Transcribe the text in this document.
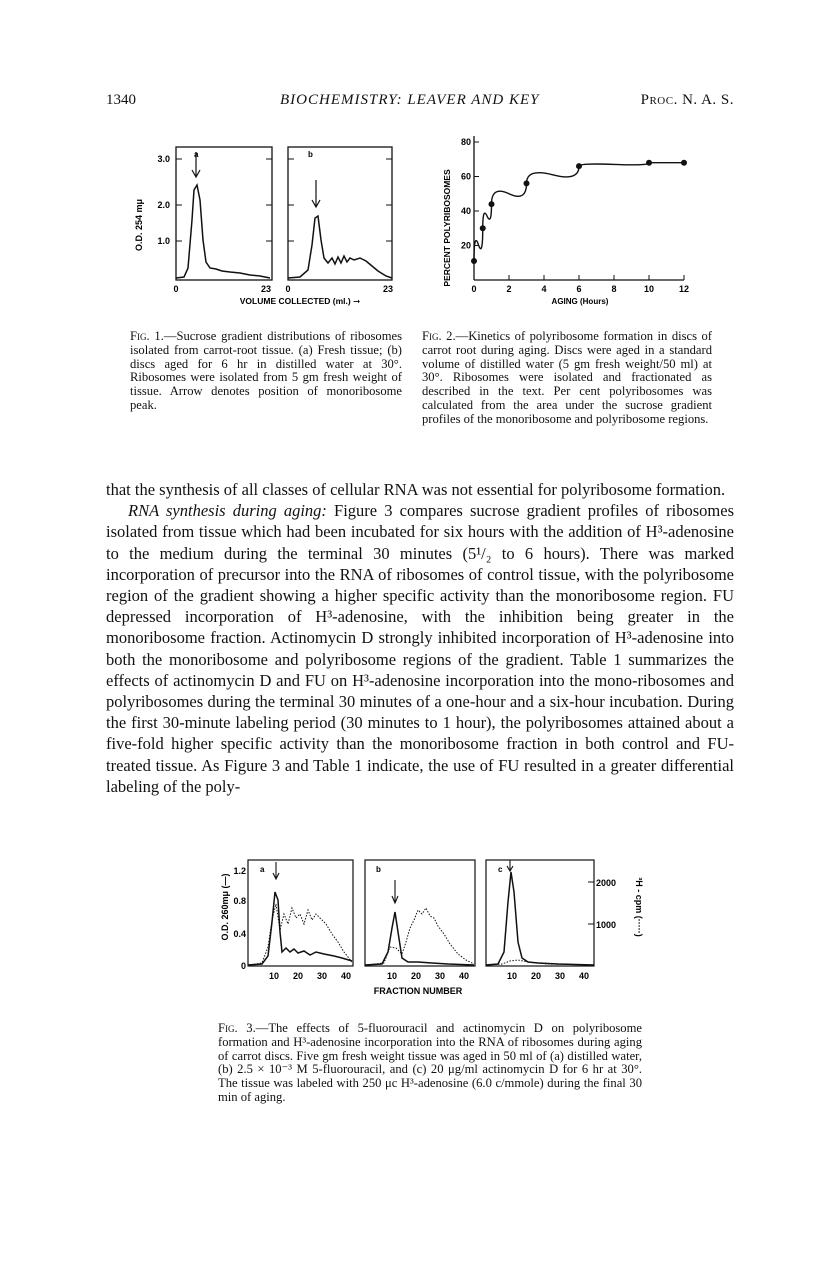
1340	BIOCHEMISTRY: LEAVER AND KEY	Proc. N. A. S.
O.D. 254 mμ
3.0
2.0
1.0
a
0	23
b
0	23
VOLUME COLLECTED (ml.) ➞
PERCENT POLYRIBOSOMES
80
60
40
20
0	2	4	6	8	10	12
AGING (Hours)
Fig. 1.—Sucrose gradient distributions of ribosomes isolated from carrot-root tissue. (a) Fresh tissue; (b) discs aged for 6 hr in distilled water at 30°. Ribosomes were isolated from 5 gm fresh weight of tissue. Arrow denotes position of monoribosome peak.
Fig. 2.—Kinetics of polyribosome formation in discs of carrot root during aging. Discs were aged in a standard volume of distilled water (5 gm fresh weight/50 ml) at 30°. Ribosomes were isolated and fractionated as described in the text. Per cent polyribosomes was calculated from the area under the sucrose gradient profiles of the monoribosome and polyribosome regions.

that the synthesis of all classes of cellular RNA was not essential for polyribosome formation.

RNA synthesis during aging: Figure 3 compares sucrose gradient profiles of ribosomes isolated from tissue which had been incubated for six hours with the addition of H³-adenosine to the medium during the terminal 30 minutes (5¹/₂ to 6 hours). There was marked incorporation of precursor into the RNA of ribosomes of control tissue, with the polyribosome region of the gradient showing a higher specific activity than the monoribosome region. FU depressed incorporation of H³-adenosine, with the inhibition being greater in the monoribosome fraction. Actinomycin D strongly inhibited incorporation of H³-adenosine into both the monoribosome and polyribosome regions of the gradient. Table 1 summarizes the effects of actinomycin D and FU on H³-adenosine incorporation into the mono-ribosomes and polyribosomes during the terminal 30 minutes of a one-hour and a six-hour incubation. During the first 30-minute labeling period (30 minutes to 1 hour), the polyribosomes attained about a five-fold higher specific activity than the monoribosome fraction in both control and FU-treated tissue. As Figure 3 and Table 1 indicate, the use of FU resulted in a greater differential labeling of the poly-

O.D. 260mμ (—)
1.2
0.8
0.4
0
a	b	c
2000
1000 ³H - cpm (·····)
10 20 30 40	10 20 30 40	10 20 30 40
FRACTION NUMBER
Fig. 3.—The effects of 5-fluorouracil and actinomycin D on polyribosome formation and H³-adenosine incorporation into the RNA of ribosomes during aging of carrot discs. Five gm fresh weight tissue was aged in 50 ml of (a) distilled water, (b) 2.5 × 10⁻³ M 5-fluorouracil, and (c) 20 μg/ml actinomycin D for 6 hr at 30°. The tissue was labeled with 250 μc H³-adenosine (6.0 c/mmole) during the final 30 min of aging.
